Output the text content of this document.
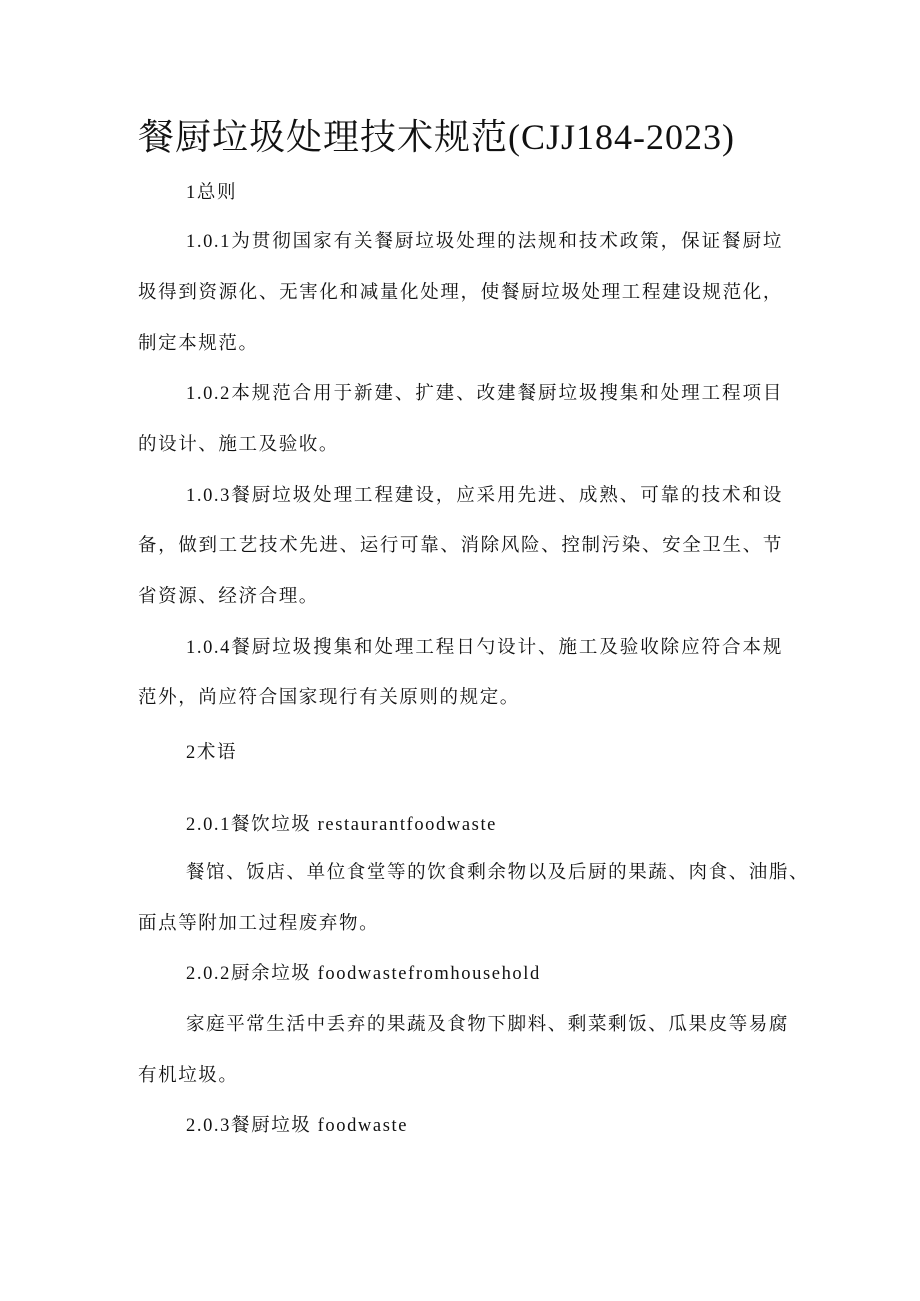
餐厨垃圾处理技术规范(CJJ184-2023)
1总则
1.0.1为贯彻国家有关餐厨垃圾处理的法规和技术政策，保证餐厨垃
圾得到资源化、无害化和减量化处理，使餐厨垃圾处理工程建设规范化，
制定本规范。
1.0.2本规范合用于新建、扩建、改建餐厨垃圾搜集和处理工程项目
的设计、施工及验收。
1.0.3餐厨垃圾处理工程建设，应采用先进、成熟、可靠的技术和设
备，做到工艺技术先进、运行可靠、消除风险、控制污染、安全卫生、节
省资源、经济合理。
1.0.4餐厨垃圾搜集和处理工程日勺设计、施工及验收除应符合本规
范外，尚应符合国家现行有关原则的规定。
2术语
2.0.1餐饮垃圾 restaurantfoodwaste
餐馆、饭店、单位食堂等的饮食剩余物以及后厨的果蔬、肉食、油脂、
面点等附加工过程废弃物。
2.0.2厨余垃圾 foodwastefromhousehold
家庭平常生活中丢弃的果蔬及食物下脚料、剩菜剩饭、瓜果皮等易腐
有机垃圾。
2.0.3餐厨垃圾 foodwaste
